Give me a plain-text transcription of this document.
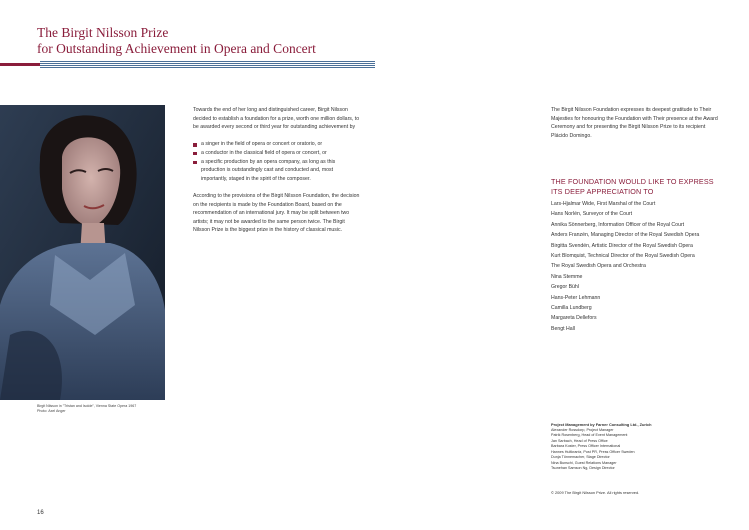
The Birgit Nilsson Prize
for Outstanding Achievement in Opera and Concert
Birgit Nilsson in "Tristan and Isolde", Vienna State Opera 1967
Photo: Axel Anger
16

Towards the end of her long and distinguished career, Birgit Nilsson decided to establish a foundation for a prize, worth one million dollars, to be awarded every second or third year for outstanding achievement by

a singer in the field of opera or concert or oratorio, or
a conductor in the classical field of opera or concert, or
a specific production by an opera company, as long as this production is outstandingly cast and conducted and, most importantly, staged in the spirit of the composer.

According to the provisions of the Birgit Nilsson Foundation, the decision on the recipients is made by the Foundation Board, based on the recommendation of an international jury. It may be split between two artists; it may not be awarded to the same person twice. The Birgit Nilsson Prize is the biggest prize in the history of classical music.

The Birgit Nilsson Foundation expresses its deepest gratitude to Their Majesties for honouring the Foundation with Their presence at the Award Ceremony and for presenting the Birgit Nilsson Prize to its recipient Plácido Domingo.
THE FOUNDATION WOULD LIKE TO EXPRESS
ITS DEEP APPRECIATION TO
Lars-Hjalmar Wide, First Marshal of the Court
Hans Norlén, Surveyor of the Court
Annika Sönnerberg, Information Officer of the Royal Court
Anders Franzén, Managing Director of the Royal Swedish Opera
Birgitta Svendén, Artistic Director of the Royal Swedish Opera
Kurt Blomquist, Technical Director of the Royal Swedish Opera
The Royal Swedish Opera and Orchestra
Nina Stemme
Gregor Bühl
Hans-Peter Lehmann
Camilla Lundberg
Margareta Dellefors
Bengt Hall
Project Management by Farner Consulting Ltd., Zurich
Alexander Rossdorp, Project Manager
Patrik Rosenberg, Head of Event Management
Jan Sarbach, Head of Press Office
Barbara Koster, Press Officer International
Hannes Hultkrantz, Post PR, Press Officer Sweden
Dunja Tönnemacher, Stage Director
Nina Bunschi, Guest Relations Manager
Tsunehan Samson Ng, Design Director
© 2009 The Birgit Nilsson Prize. All rights reserved.
